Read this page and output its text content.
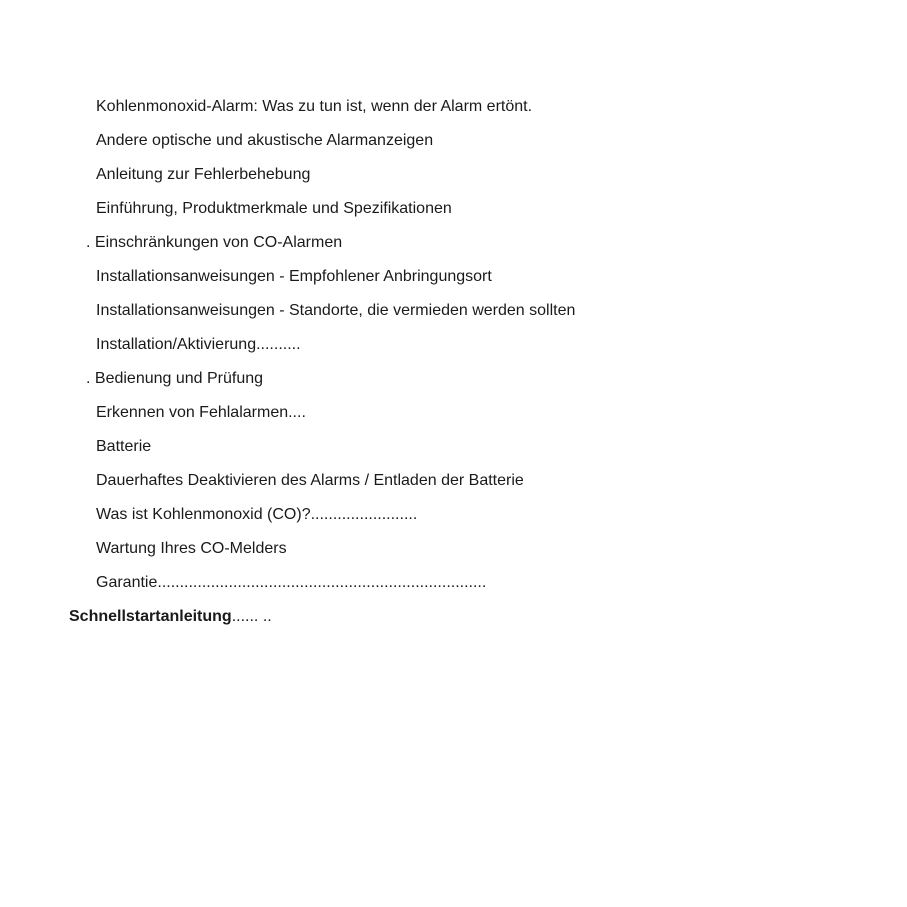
Kohlenmonoxid-Alarm: Was zu tun ist, wenn der Alarm ertönt.
Andere optische und akustische Alarmanzeigen
Anleitung zur Fehlerbehebung
Einführung, Produktmerkmale und Spezifikationen
. Einschränkungen von CO-Alarmen
Installationsanweisungen - Empfohlener Anbringungsort
Installationsanweisungen - Standorte, die vermieden werden sollten
Installation/Aktivierung..........
. Bedienung und Prüfung
Erkennen von Fehlalarmen....
Batterie
Dauerhaftes Deaktivieren des Alarms / Entladen der Batterie
Was ist Kohlenmonoxid (CO)?........................
Wartung Ihres CO-Melders
Garantie..........................................................................
Schnellstartanleitung...... ..
